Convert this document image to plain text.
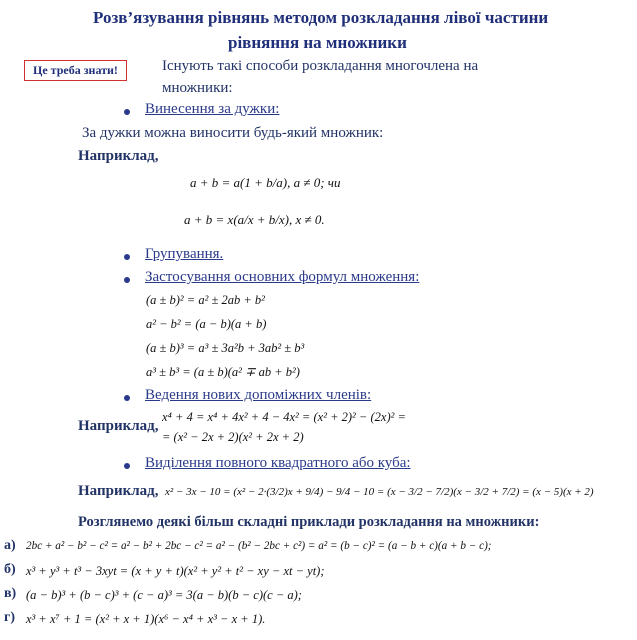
Розв’язування рівнянь методом розкладання лівої частини
рівняння на множники
Це треба знати!	Існують такі способи розкладання многочлена на
множники:
Винесення за дужки:
За дужки можна виносити будь-який множник:
Наприклад,
a + b = a(1 + b/a), a ≠ 0; чи
a + b = x(a/x + b/x), x ≠ 0.
Групування.
Застосування основних формул множення:
(a ± b)² = a² ± 2ab + b²
a² − b² = (a − b)(a + b)
(a ± b)³ = a³ ± 3a²b + 3ab² ± b³
a³ ± b³ = (a ± b)(a² ∓ ab + b²)
Ведення нових допоміжних членів:
Наприклад,
x⁴ + 4 = x⁴ + 4x² + 4 − 4x² = (x² + 2)² − (2x)² =
= (x² − 2x + 2)(x² + 2x + 2)
Виділення повного квадратного або куба:
Наприклад, x² − 3x − 10 = (x² − 2·(3/2)x + 9/4) − 9/4 − 10 = (x − 3/2 − 7/2)(x − 3/2 + 7/2) = (x − 5)(x + 2)
Розглянемо деякі більш складні приклади розкладання на множники:
а) 2bc + a² − b² − c² = a² − b² + 2bc − c² = a² − (b² − 2bc + c²) = a² = (b − c)² = (a − b + c)(a + b − c);
б) x³ + y³ + t³ − 3xyt = (x + y + t)(x² + y² + t² − xy − xt − yt);
в) (a − b)³ + (b − c)³ + (c − a)³ = 3(a − b)(b − c)(c − a);
г) x³ + x⁷ + 1 = (x² + x + 1)(x⁶ − x⁴ + x³ − x + 1).
